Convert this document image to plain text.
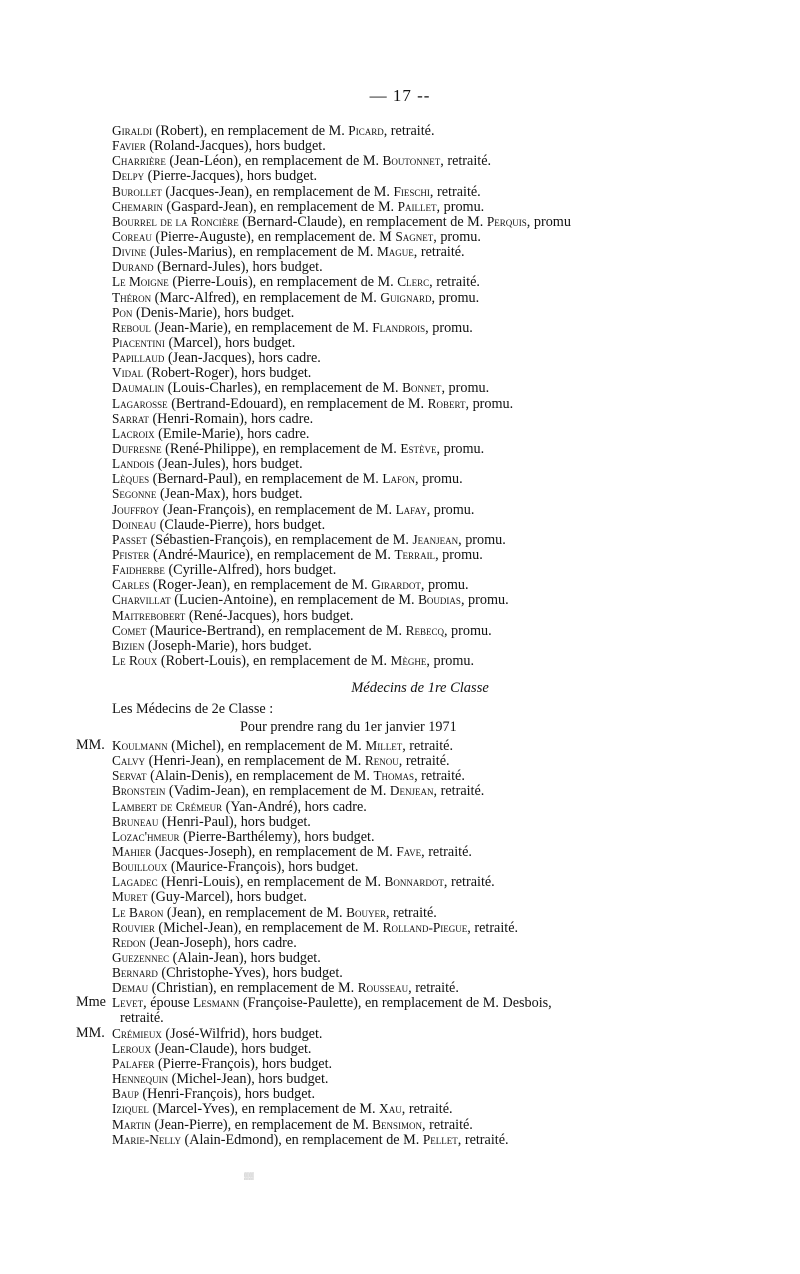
— 17 --
Giraldi (Robert), en remplacement de M. Picard, retraité.
Favier (Roland-Jacques), hors budget.
Charrière (Jean-Léon), en remplacement de M. Boutonnet, retraité.
Delpy (Pierre-Jacques), hors budget.
Burollet (Jacques-Jean), en remplacement de M. Fieschi, retraité.
Chemarin (Gaspard-Jean), en remplacement de M. Paillet, promu.
Bourrel de la Roncière (Bernard-Claude), en remplacement de M. Perquis, promu
Coreau (Pierre-Auguste), en remplacement de. M Sagnet, promu.
Divine (Jules-Marius), en remplacement de M. Mague, retraité.
Durand (Bernard-Jules), hors budget.
Le Moigne (Pierre-Louis), en remplacement de M. Clerc, retraité.
Théron (Marc-Alfred), en remplacement de M. Guignard, promu.
Pon (Denis-Marie), hors budget.
Reboul (Jean-Marie), en remplacement de M. Flandrois, promu.
Piacentini (Marcel), hors budget.
Papillaud (Jean-Jacques), hors cadre.
Vidal (Robert-Roger), hors budget.
Daumalin (Louis-Charles), en remplacement de M. Bonnet, promu.
Lagarosse (Bertrand-Edouard), en remplacement de M. Robert, promu.
Sarrat (Henri-Romain), hors cadre.
Lacroix (Emile-Marie), hors cadre.
Dufresne (René-Philippe), en remplacement de M. Estève, promu.
Landois (Jean-Jules), hors budget.
Lèques (Bernard-Paul), en remplacement de M. Lafon, promu.
Segonne (Jean-Max), hors budget.
Jouffroy (Jean-François), en remplacement de M. Lafay, promu.
Doineau (Claude-Pierre), hors budget.
Passet (Sébastien-François), en remplacement de M. Jeanjean, promu.
Pfister (André-Maurice), en remplacement de M. Terrail, promu.
Faidherbe (Cyrille-Alfred), hors budget.
Carles (Roger-Jean), en remplacement de M. Girardot, promu.
Charvillat (Lucien-Antoine), en remplacement de M. Boudias, promu.
Maitrebobert (René-Jacques), hors budget.
Comet (Maurice-Bertrand), en remplacement de M. Rebecq, promu.
Bizien (Joseph-Marie), hors budget.
Le Roux (Robert-Louis), en remplacement de M. Mèghe, promu.
Médecins de 1re Classe
Les Médecins de 2e Classe :
Pour prendre rang du 1er janvier 1971
MM. Koulmann (Michel), en remplacement de M. Millet, retraité.
Calvy (Henri-Jean), en remplacement de M. Renou, retraité.
Servat (Alain-Denis), en remplacement de M. Thomas, retraité.
Bronstein (Vadim-Jean), en remplacement de M. Denjean, retraité.
Lambert de Crémeur (Yan-André), hors cadre.
Bruneau (Henri-Paul), hors budget.
Lozac'hmeur (Pierre-Barthélemy), hors budget.
Mahier (Jacques-Joseph), en remplacement de M. Fave, retraité.
Bouilloux (Maurice-François), hors budget.
Lagadec (Henri-Louis), en remplacement de M. Bonnardot, retraité.
Muret (Guy-Marcel), hors budget.
Le Baron (Jean), en remplacement de M. Bouyer, retraité.
Rouvier (Michel-Jean), en remplacement de M. Rolland-Piegue, retraité.
Redon (Jean-Joseph), hors cadre.
Guezennec (Alain-Jean), hors budget.
Bernard (Christophe-Yves), hors budget.
Demau (Christian), en remplacement de M. Rousseau, retraité.
Mme Levet, épouse Lesmann (Françoise-Paulette), en remplacement de M. Desbois,
retraité.
MM. Crémieux (José-Wilfrid), hors budget.
Leroux (Jean-Claude), hors budget.
Palafer (Pierre-François), hors budget.
Hennequin (Michel-Jean), hors budget.
Baup (Henri-François), hors budget.
Iziquel (Marcel-Yves), en remplacement de M. Xau, retraité.
Martin (Jean-Pierre), en remplacement de M. Bensimon, retraité.
Marie-Nelly (Alain-Edmond), en remplacement de M. Pellet, retraité.
▒▒
